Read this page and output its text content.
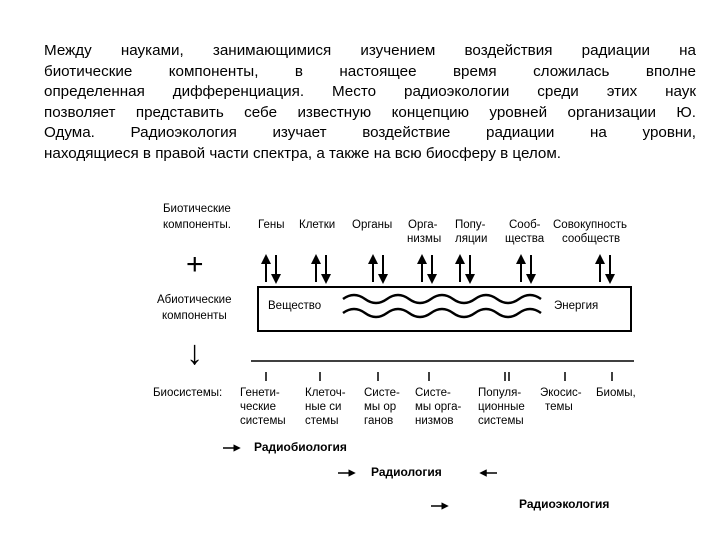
Между науками, занимающимися изучением воздействия радиации на
биотические компоненты, в настоящее время сложилась вполне
определенная дифференциация. Место радиоэкологии среди этих наук
позволяет представить себе известную концепцию уровней организации Ю.
Одума. Радиоэкология изучает воздействие радиации на уровни,
находящиеся в правой части спектра, а также на всю биосферу в целом.
Биотические
компоненты. Гены Клетки Органы Орга-
низмы
Попу-
ляции
Сооб-
щества
Совокупность
сообществ
+
Абиотические
компоненты
↓
Вещество	Энергия
Биосистемы: Генети-
ческие
системы
Клеточ-
ные си
стемы
Систе-
мы ор
ганов
Систе-
мы орга-
низмов
Популя-
ционные
системы
Экосис-
темы
Биомы,
Радиобиология
Радиология
Радиоэкология
